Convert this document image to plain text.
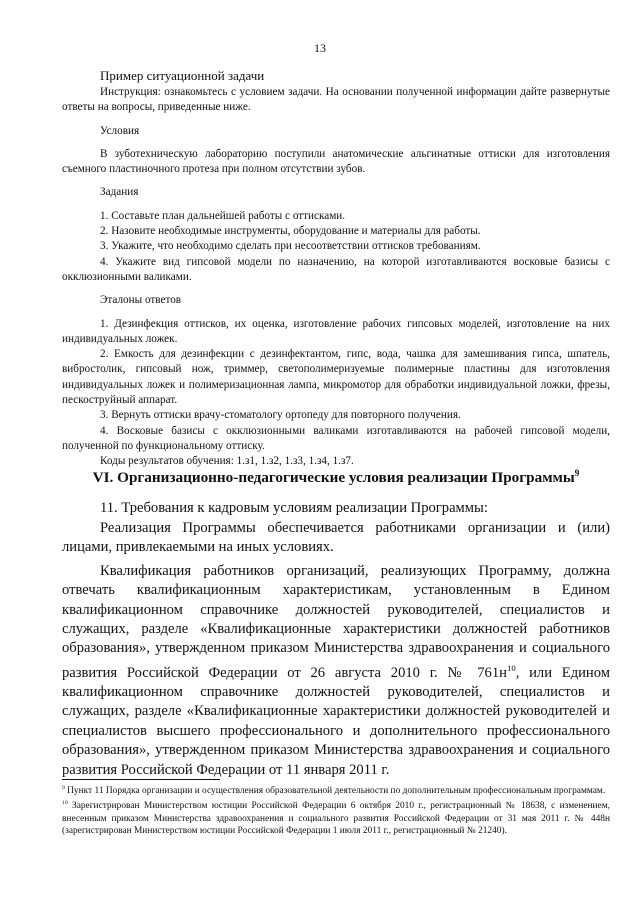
13

Пример ситуационной задачи

Инструкция: ознакомьтесь с условием задачи. На основании полученной информации дайте развернутые ответы на вопросы, приведенные ниже.

Условия

В зуботехническую лабораторию поступили анатомические альгинатные оттиски для изготовления съемного пластиночного протеза при полном отсутствии зубов.

Задания

1. Составьте план дальнейшей работы с оттисками.

2. Назовите необходимые инструменты, оборудование и материалы для работы.

3. Укажите, что необходимо сделать при несоответствии оттисков требованиям.

4. Укажите вид гипсовой модели по назначению, на которой изготавливаются восковые базисы с окклюзионными валиками.

Эталоны ответов

1. Дезинфекция оттисков, их оценка, изготовление рабочих гипсовых моделей, изготовление на них индивидуальных ложек.

2. Емкость для дезинфекции с дезинфектантом, гипс, вода, чашка для замешивания гипса, шпатель, вибростолик, гипсовый нож, триммер, светополимеризуемые полимерные пластины для изготовления индивидуальных ложек и полимеризационная лампа, микромотор для обработки индивидуальной ложки, фрезы, пескоструйный аппарат.

3. Вернуть оттиски врачу-стоматологу ортопеду для повторного получения.

4. Восковые базисы с окклюзионными валиками изготавливаются на рабочей гипсовой модели, полученной по функциональному оттиску.

Коды результатов обучения: 1.з1, 1.з2, 1.з3, 1.з4, 1.з7.

VI. Организационно-педагогические условия реализации Программы$^9$

11. Требования к кадровым условиям реализации Программы:

Реализация Программы обеспечивается работниками организации и (или) лицами, привлекаемыми на иных условиях.

Квалификация работников организаций, реализующих Программу, должна отвечать квалификационным характеристикам, установленным в Едином квалификационном справочнике должностей руководителей, специалистов и служащих, разделе «Квалификационные характеристики должностей работников образования», утвержденном приказом Министерства здравоохранения и социального развития Российской Федерации от 26 августа 2010 г. № $761н^{10}$, или Едином квалификационном справочнике должностей руководителей, специалистов и служащих, разделе «Квалификационные характеристики должностей руководителей и специалистов высшего профессионального и дополнительного профессионального образования», утвержденном приказом Министерства здравоохранения и социального развития Российской Федерации от 11 января 2011 г.

$^9$ Пункт 11 Порядка организации и осуществления образовательной деятельности по дополнительным профессиональным программам.

$^{10}$ Зарегистрирован Министерством юстиции Российской Федерации 6 октября 2010 г., регистрационный № 18638, с изменением, внесенным приказом Министерства здравоохранения и социального развития Российской Федерации от 31 мая 2011 г. № 448н (зарегистрирован Министерством юстиции Российской Федерации 1 июля 2011 г., регистрационный № 21240).
